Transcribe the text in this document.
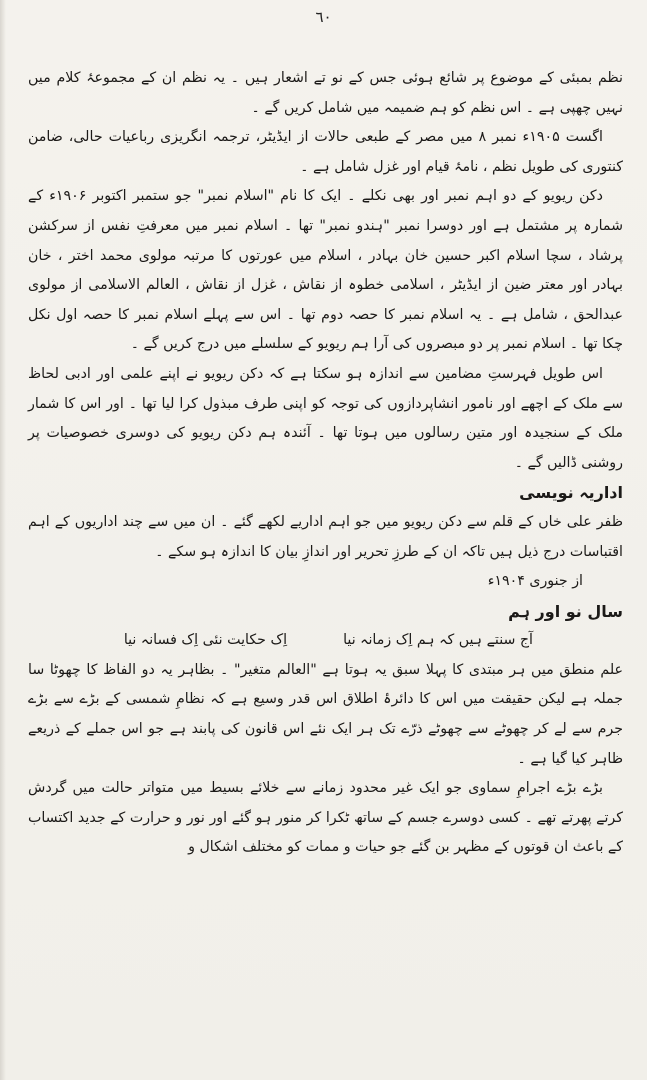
٦٠

نظم بمبئی کے موضوع پر شائع ہوئی جس کے نو تے اشعار ہیں ۔ یہ نظم ان کے مجموعۂ کلام میں نہیں چھپی ہے ۔ اس نظم کو ہم ضمیمہ میں شامل کریں گے ۔

اگست ۱۹۰۵ء نمبر ۸ میں مصر کے طبعی حالات از ایڈیٹر، ترجمہ انگریزی رباعیات حالی، ضامن کنتوری کی طویل نظم ، نامۂ قیام اور غزل شامل ہے ۔

دکن ریویو کے دو اہم نمبر اور بھی نکلے ۔ ایک کا نام "اسلام نمبر" جو ستمبر اکتوبر ۱۹۰۶ء کے شمارہ پر مشتمل ہے اور دوسرا نمبر "ہندو نمبر" تھا ۔ اسلام نمبر میں معرفتِ نفس از سرکشن پرشاد ، سچا اسلام اکبر حسین خان بہادر ، اسلام میں عورتوں کا مرتبہ مولوی محمد اختر ، خان بہادر اور معتر ضین از ایڈیٹر ، اسلامی خطوہ از نقاش ، غزل از نقاش ، العالم الاسلامی از مولوی عبدالحق ، شامل ہے ۔ یہ اسلام نمبر کا حصہ دوم تھا ۔ اس سے پہلے اسلام نمبر کا حصہ اول نکل چکا تھا ۔ اسلام نمبر پر دو مبصروں کی آرا ہم ریویو کے سلسلے میں درج کریں گے ۔

اس طویل فہرستِ مضامین سے اندازہ ہو سکتا ہے کہ دکن ریویو نے اپنے علمی اور ادبی لحاظ سے ملک کے اچھے اور نامور انشاپردازوں کی توجہ کو اپنی طرف مبذول کرا لیا تھا ۔ اور اس کا شمار ملک کے سنجیدہ اور متین رسالوں میں ہوتا تھا ۔ آئندہ ہم دکن ریویو کی دوسری خصوصیات پر روشنی ڈالیں گے ۔

اداریہ نویسی

ظفر علی خاں کے قلم سے دکن ریویو میں جو اہم اداریے لکھے گئے ۔ ان میں سے چند اداریوں کے اہم اقتباسات درج ذیل ہیں تاکہ ان کے طرزِ تحریر اور اندازِ بیان کا اندازہ ہو سکے ۔

از جنوری ۱۹۰۴ء

سال نو اور ہم

آج سنتے ہیں کہ ہم اِک زمانہ نیا
اِک حکایت نئی اِک فسانہ نیا

علم منطق میں ہر مبتدی کا پہلا سبق یہ ہوتا ہے "العالم متغیر" ۔ بظاہر یہ دو الفاظ کا چھوٹا سا جملہ ہے لیکن حقیقت میں اس کا دائرۂ اطلاق اس قدر وسیع ہے کہ نظامِ شمسی کے بڑے سے بڑے جرم سے لے کر چھوٹے سے چھوٹے ذرّے تک ہر ایک نئے اس قانون کی پابند ہے جو اس جملے کے ذریعے ظاہر کیا گیا ہے ۔

بڑے بڑے اجرامِ سماوی جو ایک غیر محدود زمانے سے خلائے بسیط میں متواتر حالت میں گردش کرتے پھرتے تھے ۔ کسی دوسرے جسم کے ساتھ ٹکرا کر منور ہو گئے اور نور و حرارت کے جدید اکتساب کے باعث ان قوتوں کے مظہر بن گئے جو حیات و ممات کو مختلف اشکال و
